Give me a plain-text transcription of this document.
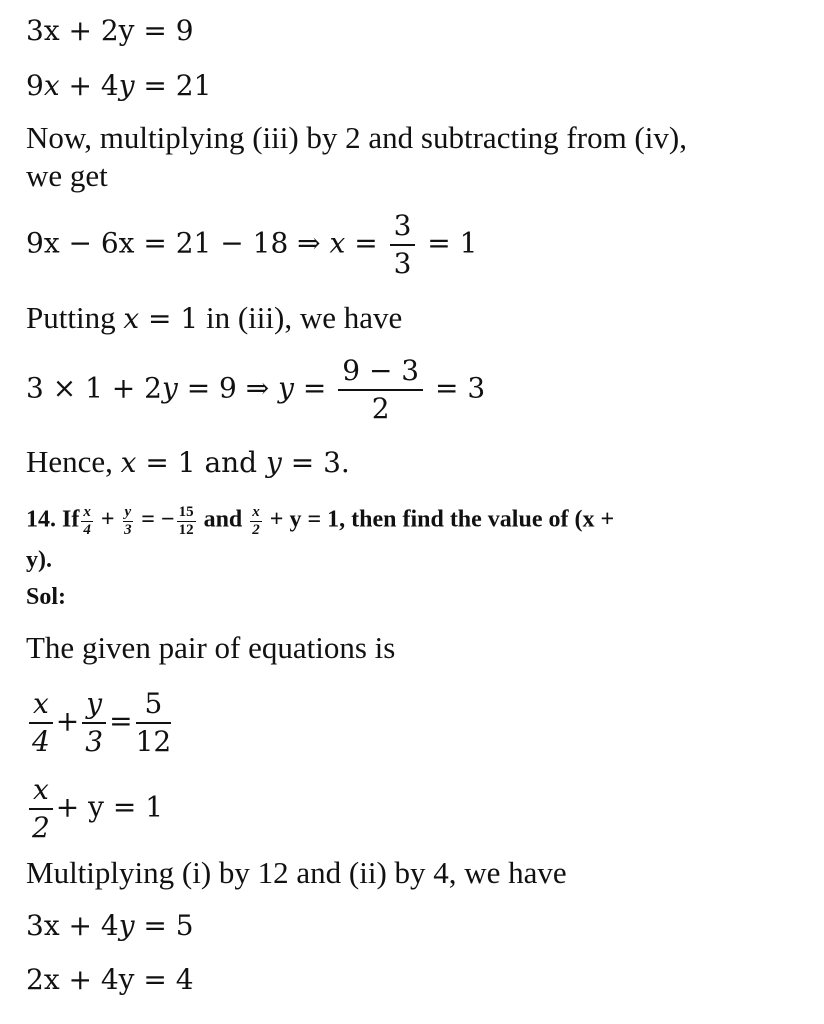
3x + 2y = 9
9x + 4y = 21
Now, multiplying (iii) by 2 and subtracting from (iv),
we get
9x − 6x = 21 − 18 ⇒ $x = \frac{3}{3} = 1$
Putting x = 1 in (iii), we have
3 × 1 + 2y = 9 ⇒ $y = \frac{9 - 3}{2} = 3$
Hence, x = 1 and y = 3.
14. If $\frac{x}{4} + \frac{y}{3}$ = − $\frac{15}{12}$ and $\frac{x}{2} + y = 1$, then find the value of (x +
y).
Sol:
The given pair of equations is
$\frac{x}{4} + \frac{y}{3} = \frac{5}{12}$
$\frac{x}{2} + y = 1$
Multiplying (i) by 12 and (ii) by 4, we have
3x + 4y = 5
2x + 4y = 4
